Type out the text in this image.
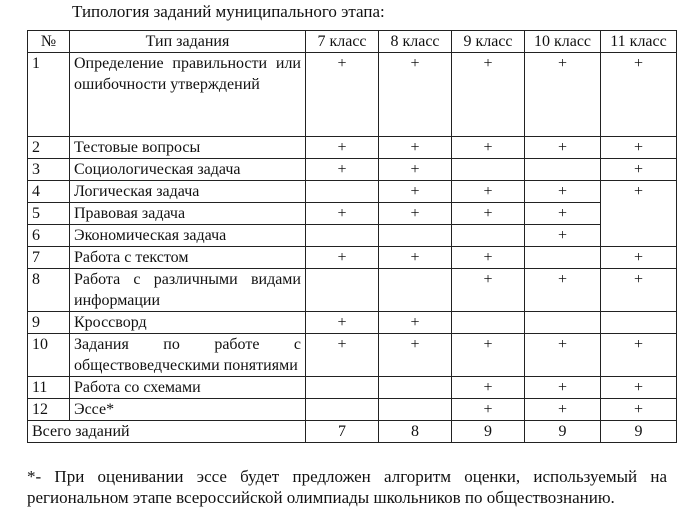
Типология заданий муниципального этапа:
№	Тип задания	7 класс	8 класс	9 класс	10 класс	11 класс
1	Определение правильности или ошибочности утверждений	+	+	+	+	+
2	Тестовые вопросы	+	+	+	+	+
3	Социологическая задача	+	+			+
4	Логическая задача		+	+	+	+
5	Правовая задача	+	+	+	+	
6	Экономическая задача				+	
7	Работа с текстом	+	+	+		+
8	Работа с различными видами информации			+	+	+
9	Кроссворд	+	+			
10	Задания по работе с обществоведческими понятиями	+	+	+	+	+
11	Работа со схемами			+	+	+
12	Эссе*			+	+	+
Всего заданий		7	8	9	9	9
*- При оценивании эссе будет предложен алгоритм оценки, используемый на региональном этапе всероссийской олимпиады школьников по обществознанию.
